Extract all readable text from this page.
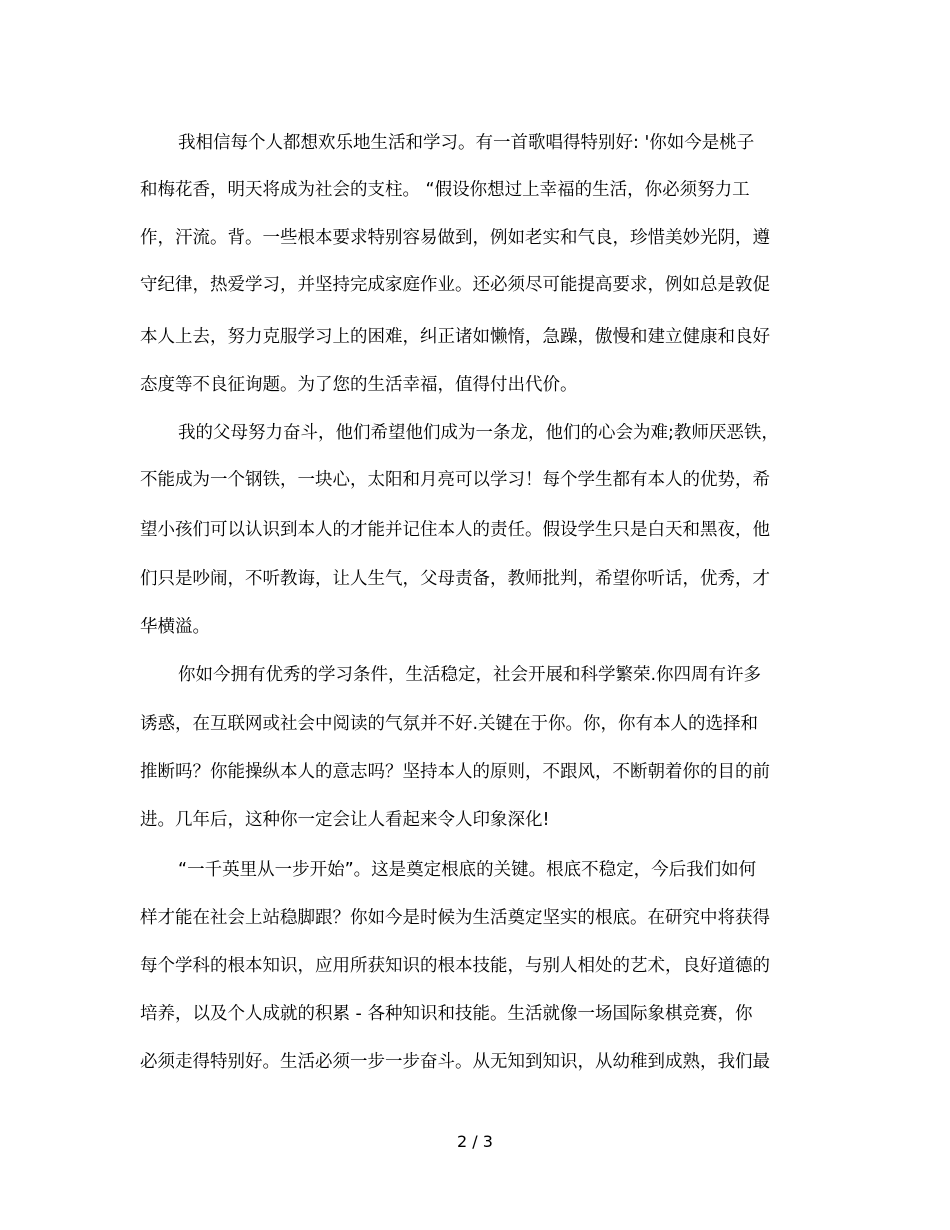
我相信每个人都想欢乐地生活和学习。有一首歌唱得特别好: '你如今是桃子
和梅花香，明天将成为社会的支柱。 “假设你想过上幸福的生活，你必须努力工
作，汗流。背。一些根本要求特别容易做到，例如老实和气良，珍惜美妙光阴，遵
守纪律，热爱学习，并坚持完成家庭作业。还必须尽可能提高要求，例如总是敦促
本人上去，努力克服学习上的困难，纠正诸如懒惰，急躁，傲慢和建立健康和良好
态度等不良征询题。为了您的生活幸福，值得付出代价。
我的父母努力奋斗，他们希望他们成为一条龙，他们的心会为难;教师厌恶铁，
不能成为一个钢铁，一块心，太阳和月亮可以学习！每个学生都有本人的优势，希
望小孩们可以认识到本人的才能并记住本人的责任。假设学生只是白天和黑夜，他
们只是吵闹，不听教诲，让人生气，父母责备，教师批判，希望你听话，优秀，才
华横溢。
你如今拥有优秀的学习条件，生活稳定，社会开展和科学繁荣.你四周有许多
诱惑，在互联网或社会中阅读的气氛并不好.关键在于你。你，你有本人的选择和
推断吗？你能操纵本人的意志吗？坚持本人的原则，不跟风，不断朝着你的目的前
进。几年后，这种你一定会让人看起来令人印象深化!
“一千英里从一步开始”。这是奠定根底的关键。根底不稳定，今后我们如何
样才能在社会上站稳脚跟？你如今是时候为生活奠定坚实的根底。在研究中将获得
每个学科的根本知识，应用所获知识的根本技能，与别人相处的艺术，良好道德的
培养，以及个人成就的积累 - 各种知识和技能。生活就像一场国际象棋竞赛，你
必须走得特别好。生活必须一步一步奋斗。从无知到知识，从幼稚到成熟，我们最
2 / 3
